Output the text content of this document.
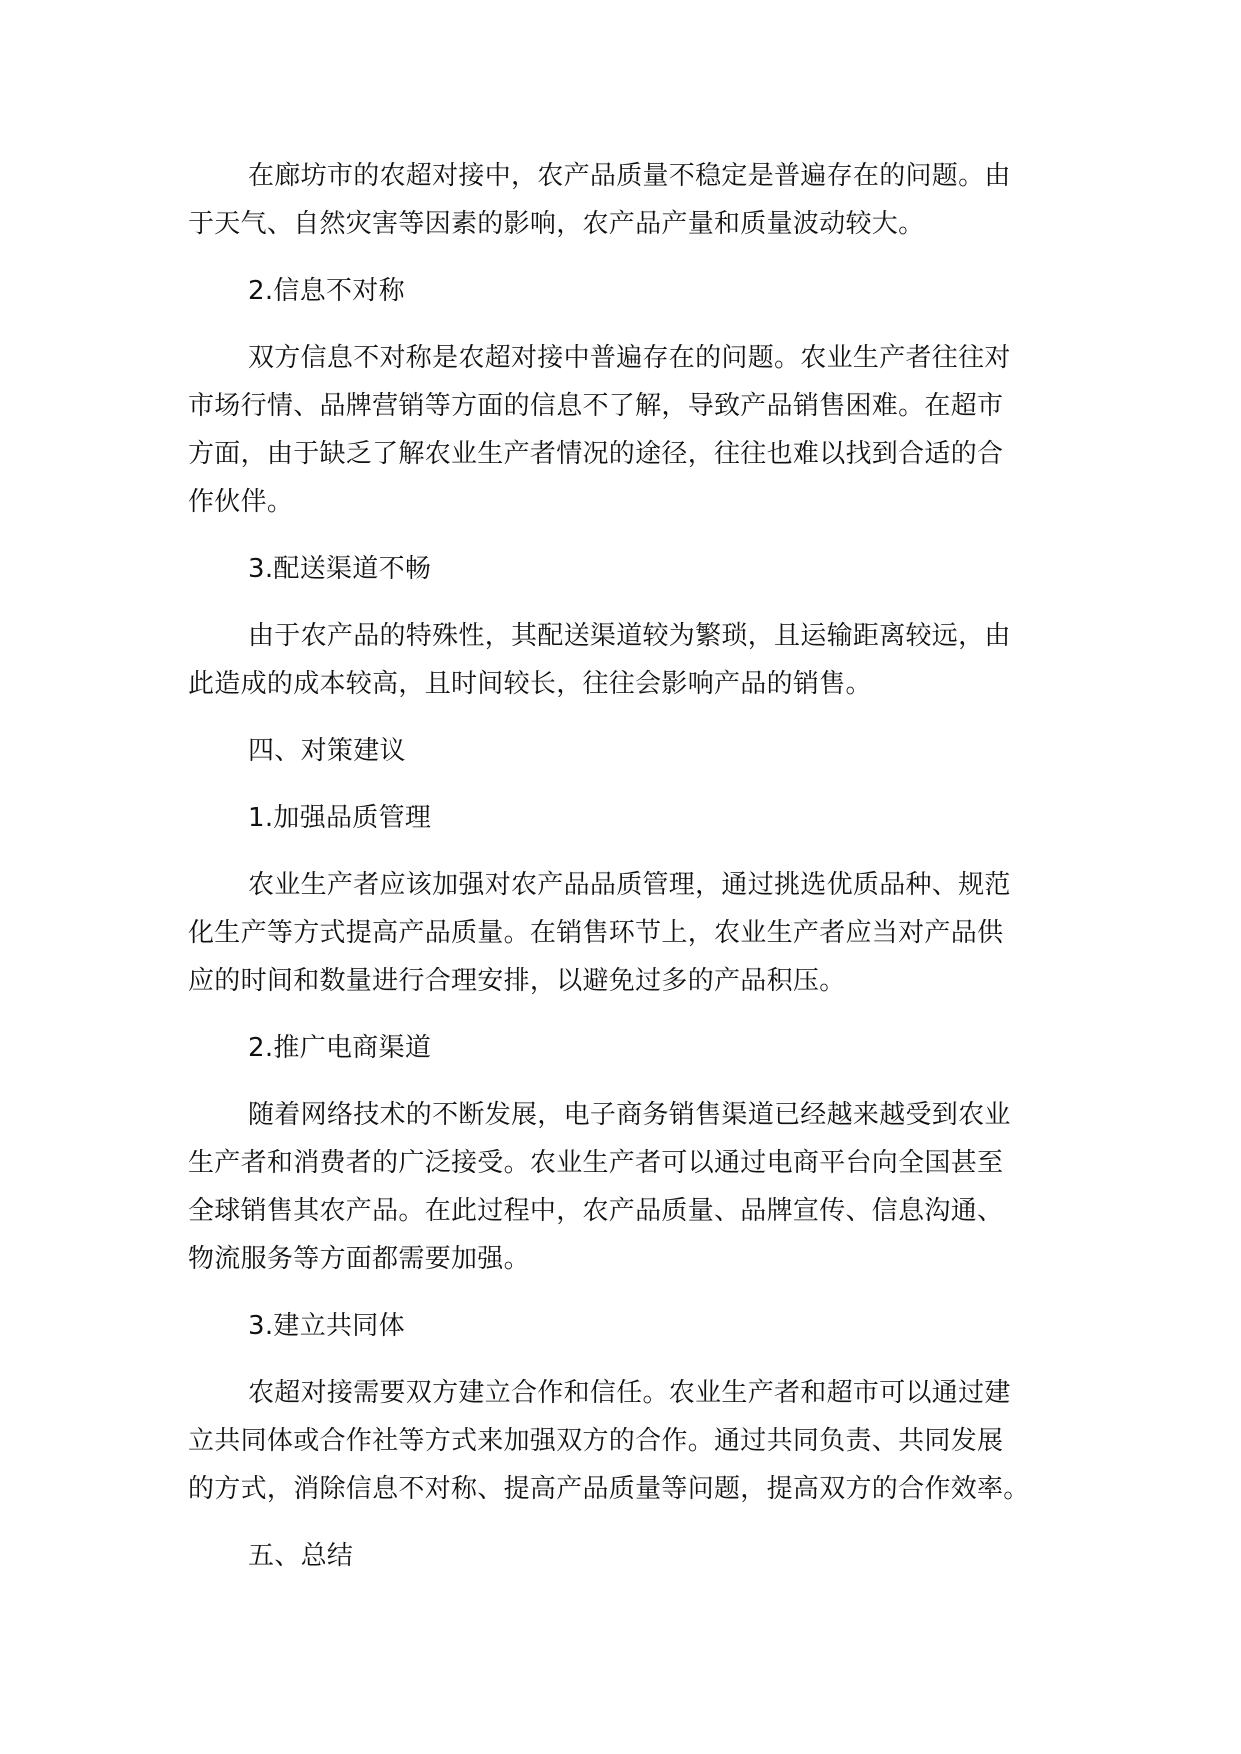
在廊坊市的农超对接中，农产品质量不稳定是普遍存在的问题。由
于天气、自然灾害等因素的影响，农产品产量和质量波动较大。
2.信息不对称
双方信息不对称是农超对接中普遍存在的问题。农业生产者往往对
市场行情、品牌营销等方面的信息不了解，导致产品销售困难。在超市
方面，由于缺乏了解农业生产者情况的途径，往往也难以找到合适的合
作伙伴。
3.配送渠道不畅
由于农产品的特殊性，其配送渠道较为繁琐，且运输距离较远，由
此造成的成本较高，且时间较长，往往会影响产品的销售。
四、对策建议
1.加强品质管理
农业生产者应该加强对农产品品质管理，通过挑选优质品种、规范
化生产等方式提高产品质量。在销售环节上，农业生产者应当对产品供
应的时间和数量进行合理安排，以避免过多的产品积压。
2.推广电商渠道
随着网络技术的不断发展，电子商务销售渠道已经越来越受到农业
生产者和消费者的广泛接受。农业生产者可以通过电商平台向全国甚至
全球销售其农产品。在此过程中，农产品质量、品牌宣传、信息沟通、
物流服务等方面都需要加强。
3.建立共同体
农超对接需要双方建立合作和信任。农业生产者和超市可以通过建
立共同体或合作社等方式来加强双方的合作。通过共同负责、共同发展
的方式，消除信息不对称、提高产品质量等问题，提高双方的合作效率。
五、总结
